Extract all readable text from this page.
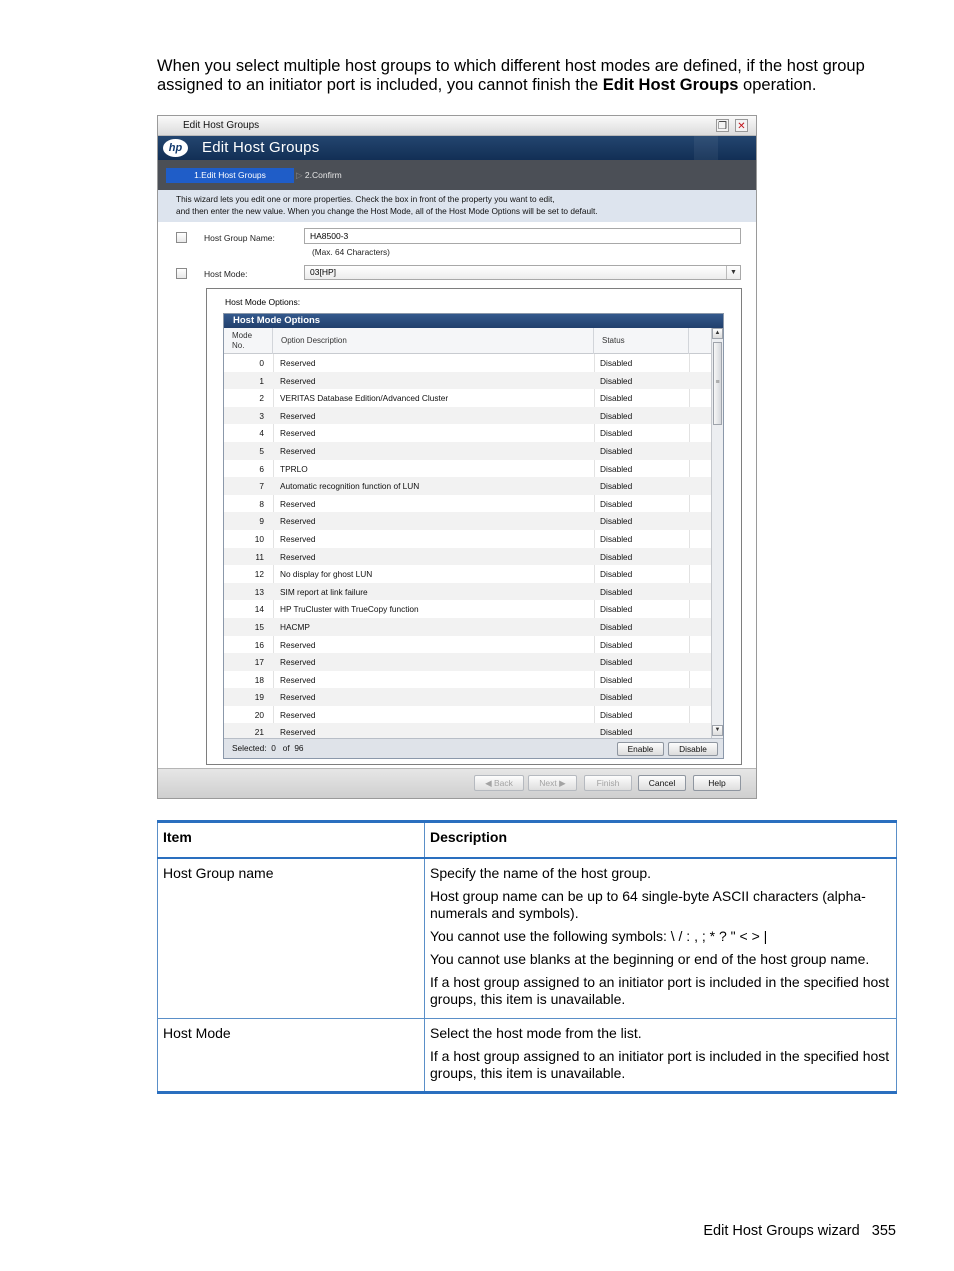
When you select multiple host groups to which different host modes are defined, if the host group assigned to an initiator port is included, you cannot finish the Edit Host Groups operation.
Edit Host Groups	❐ ✕
hp	Edit Host Groups
1.Edit Host Groups	▷ 2.Confirm
This wizard lets you edit one or more properties. Check the box in front of the property you want to edit,
and then enter the new value. When you change the Host Mode, all of the Host Mode Options will be set to default.
Host Group Name:	HA8500-3
(Max. 64 Characters)
Host Mode:	03[HP]	▼
Host Mode Options:
Host Mode Options
Mode
No.
Option Description	Status
0 Reserved	Disabled
1 Reserved	Disabled
2 VERITAS Database Edition/Advanced Cluster	Disabled
3 Reserved	Disabled
4 Reserved	Disabled
5 Reserved	Disabled
6 TPRLO	Disabled
7 Automatic recognition function of LUN	Disabled
8 Reserved	Disabled
9 Reserved	Disabled
10 Reserved	Disabled
11 Reserved	Disabled
12 No display for ghost LUN	Disabled
13 SIM report at link failure	Disabled
14 HP TruCluster with TrueCopy function	Disabled
15 HACMP	Disabled
16 Reserved	Disabled
17 Reserved	Disabled
18 Reserved	Disabled
19 Reserved	Disabled
20 Reserved	Disabled
21 Reserved	Disabled
▲
≡
▼
Selected: 0 of 96	Enable	Disable
◀ Back	Next ▶	Finish	Cancel	Help
Item	Description

Host Group name	Specify the name of the host group.

Host group name can be up to 64 single-byte ASCII characters (alpha-numerals and symbols).

You cannot use the following symbols: \ / : , ; * ? " < > |

You cannot use blanks at the beginning or end of the host group name.

If a host group assigned to an initiator port is included in the specified host groups, this item is unavailable.

Host Mode	Select the host mode from the list.

If a host group assigned to an initiator port is included in the specified host groups, this item is unavailable.

Edit Host Groups wizard 355
